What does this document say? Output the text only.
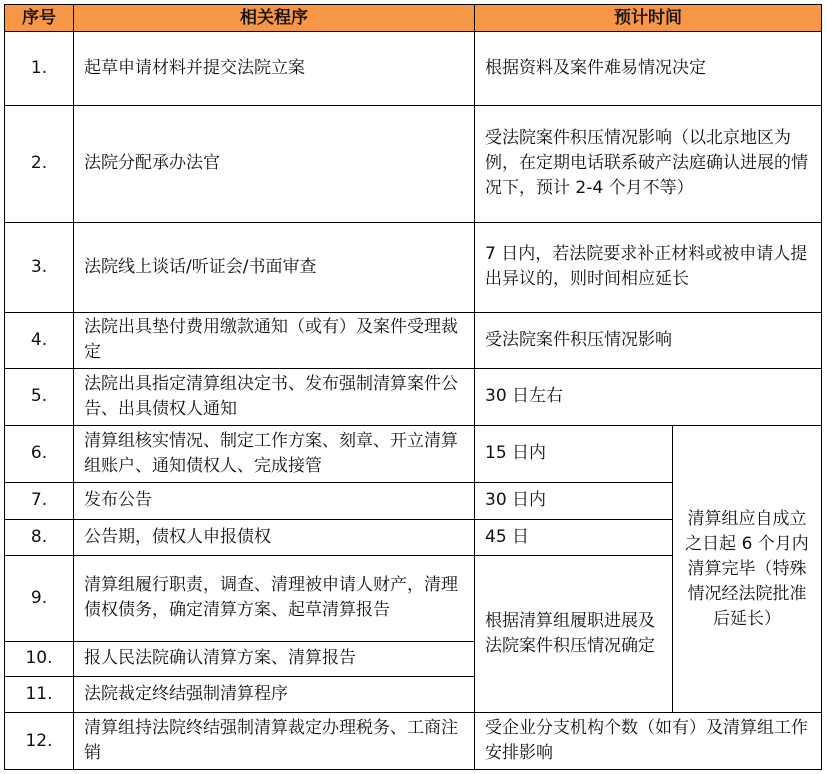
序号	相关程序	预计时间	
1.	起草申请材料并提交法院立案	根据资料及案件难易情况决定	
2.	法院分配承办法官	受法院案件积压情况影响（以北京地区为例，在定期电话联系破产法庭确认进展的情况下，预计 2-4 个月不等）	
3.	法院线上谈话/听证会/书面审查	7 日内，若法院要求补正材料或被申请人提出异议的，则时间相应延长	
4.	法院出具垫付费用缴款通知（或有）及案件受理裁定	受法院案件积压情况影响	
5.	法院出具指定清算组决定书、发布强制清算案件公告、出具债权人通知	30 日左右	
6.	清算组核实情况、制定工作方案、刻章、开立清算组账户、通知债权人、完成接管	15 日内	清算组应自成立之日起 6 个月内清算完毕（特殊情况经法院批准后延长）
7.	发布公告	30 日内	
8.	公告期，债权人申报债权	45 日	
9.	清算组履行职责，调查、清理被申请人财产，清理债权债务，确定清算方案、起草清算报告	根据清算组履职进展及法院案件积压情况确定	
10.	报人民法院确认清算方案、清算报告		
11.	法院裁定终结强制清算程序		
12.	清算组持法院终结强制清算裁定办理税务、工商注销	受企业分支机构个数（如有）及清算组工作安排影响	
